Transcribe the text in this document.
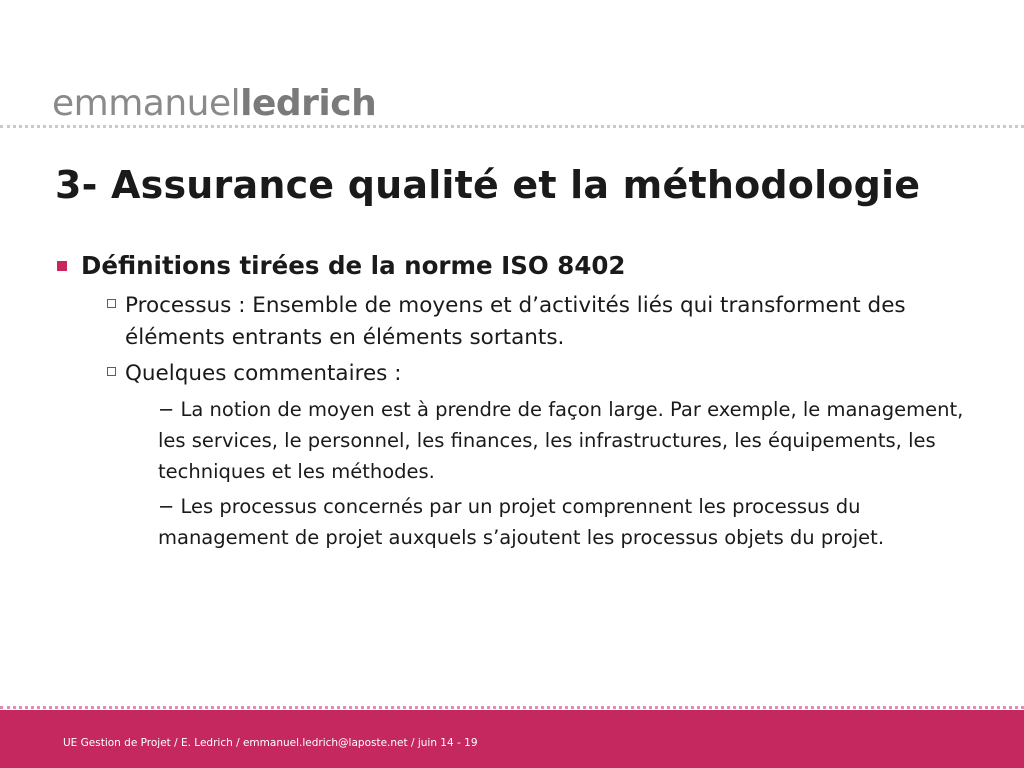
emmanuelledrich
3- Assurance qualité et la méthodologie
Définitions tirées de la norme ISO 8402
Processus : Ensemble de moyens et d’activités liés qui transforment des éléments entrants en éléments sortants.
Quelques commentaires :
− La notion de moyen est à prendre de façon large. Par exemple, le management, les services, le personnel, les finances, les infrastructures, les équipements, les techniques et les méthodes.
− Les processus concernés par un projet comprennent les processus du management de projet auxquels s’ajoutent les processus objets du projet.
UE Gestion de Projet / E. Ledrich / emmanuel.ledrich@laposte.net / juin 14 - 19
